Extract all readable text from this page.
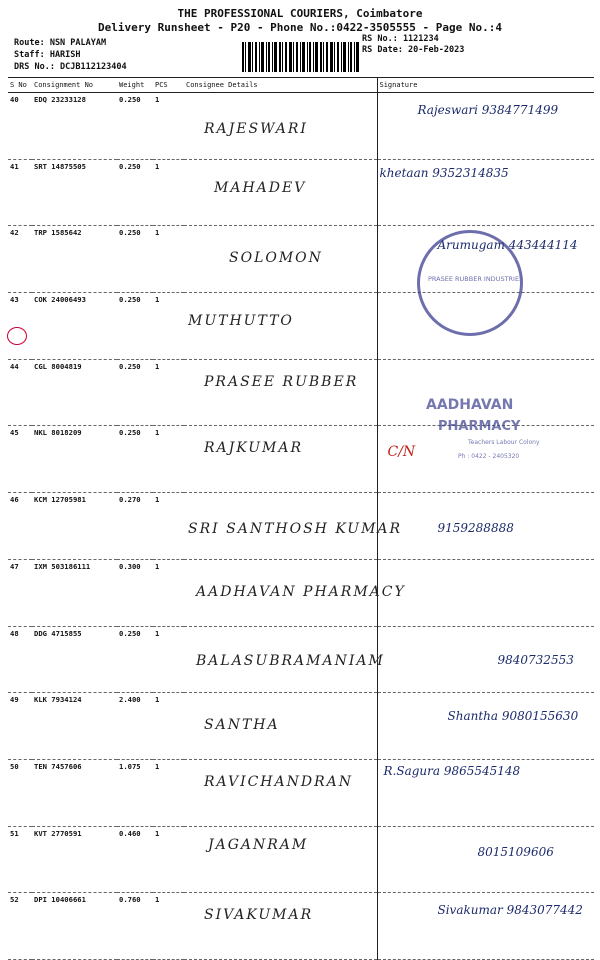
THE PROFESSIONAL COURIERS, Coimbatore
Delivery Runsheet - P20 - Phone No.:0422-3505555 - Page No.:4
Route: NSN PALAYAM
Staff: HARISH
DRS No.: DCJB112123404
RS No.: 1121234
RS Date: 20-Feb-2023
S No	Consignment No	Weight	PCS	Consignee Details	Signature
40	EDQ 23233128	0.250	1	RAJESWARI	Rajeswari 9384771499

41	SRT 14875505	0.250	1	MAHADEV	khetaan 9352314835

42	TRP 1585642	0.250	1	SOLOMON	Arumugam 443444114

43	COK 24006493	0.250	1	MUTHUTTO	

44	CGL 8004819	0.250	1	PRASEE RUBBER	

45	NKL 8018209	0.250	1	RAJKUMAR	C/N

46	KCM 12705981	0.270	1	SRI SANTHOSH KUMAR	9159288888

47	IXM 503186111	0.300	1	AADHAVAN PHARMACY	

48	DDG 4715855	0.250	1	BALASUBRAMANIAM	9840732553

49	KLK 7934124	2.400	1	SANTHA	Shantha 9080155630

50	TEN 7457606	1.075	1	RAVICHANDRAN	R.Sagura 9865545148

51	KVT 2770591	0.460	1	JAGANRAM	8015109606

52	DPI 10406661	0.760	1	SIVAKUMAR	Sivakumar 9843077442
PRASEE RUBBER INDUSTRIES
AADHAVAN
PHARMACY
Teachers Labour Colony
Ph : 0422 - 2405320
